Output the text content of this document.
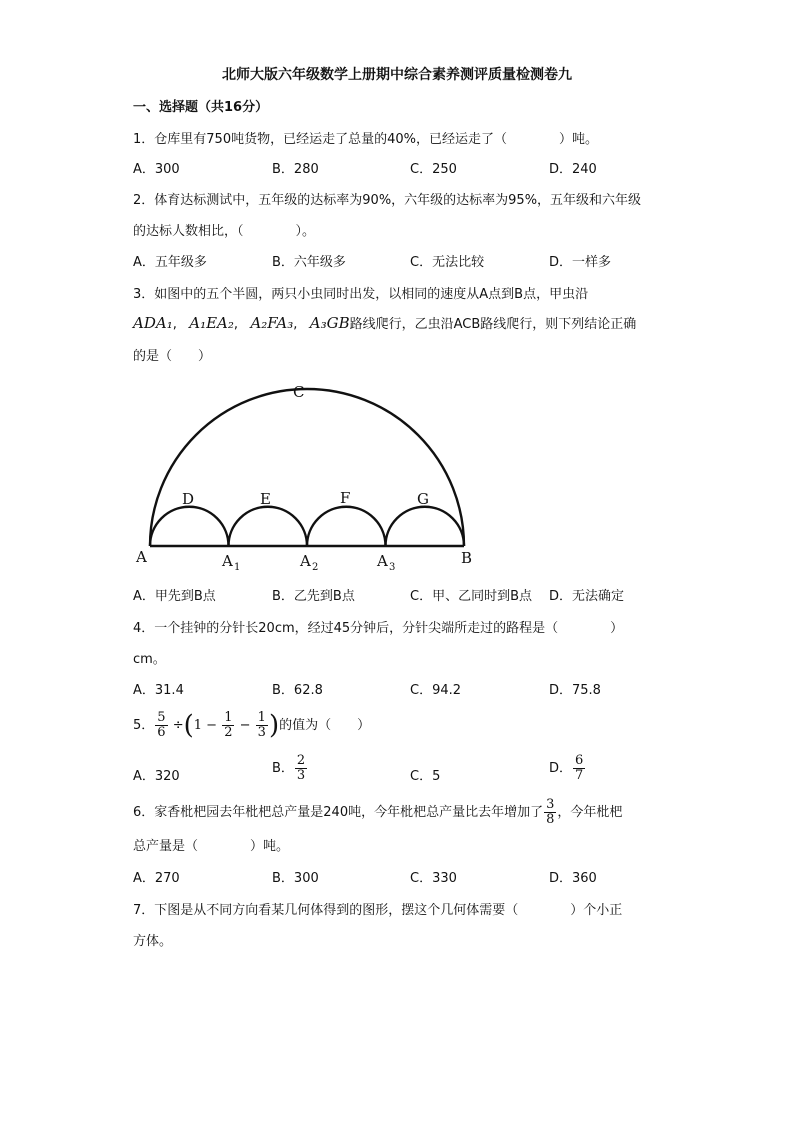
北师大版六年级数学上册期中综合素养测评质量检测卷九
一、选择题（共16分）
1．仓库里有750吨货物，已经运走了总量的40%，已经运走了（　　　　）吨。
A．300	B．280	C．250	D．240
2．体育达标测试中，五年级的达标率为90%，六年级的达标率为95%，五年级和六年级
的达标人数相比，（　　　　）。
A．五年级多	B．六年级多	C．无法比较	D．一样多
3．如图中的五个半圆，两只小虫同时出发，以相同的速度从A点到B点，甲虫沿
ADA₁,   A₁EA₂,   A₂FA₃,   A₃GB路线爬行，乙虫沿ACB路线爬行，则下列结论正确
的是（　　）
C
D	E	F	G
A	A 1	A 2	A 3
B
A．甲先到B点	B．乙先到B点	C．甲、乙同时到B点 D．无法确定
4．一个挂钟的分针长20cm，经过45分钟后，分针尖端所走过的路程是（　　　　）
cm。
A．31.4	B．62.8	C．94.2	D．75.8
5． $\frac{5}{6} \div(1 - \frac{1}{2} - \frac{1}{3}$ )的值为（　　）
A．320
B． $\frac{2}{3}$	C．5
D． $\frac{6}{7}$
6．家香枇杷园去年枇杷总产量是240吨，今年枇杷总产量比去年增加了 $\frac{3}{8}$ ，今年枇杷
总产量是（　　　　）吨。
A．270	B．300	C．330	D．360
7．下图是从不同方向看某几何体得到的图形，摆这个几何体需要（　　　　）个小正
方体。
